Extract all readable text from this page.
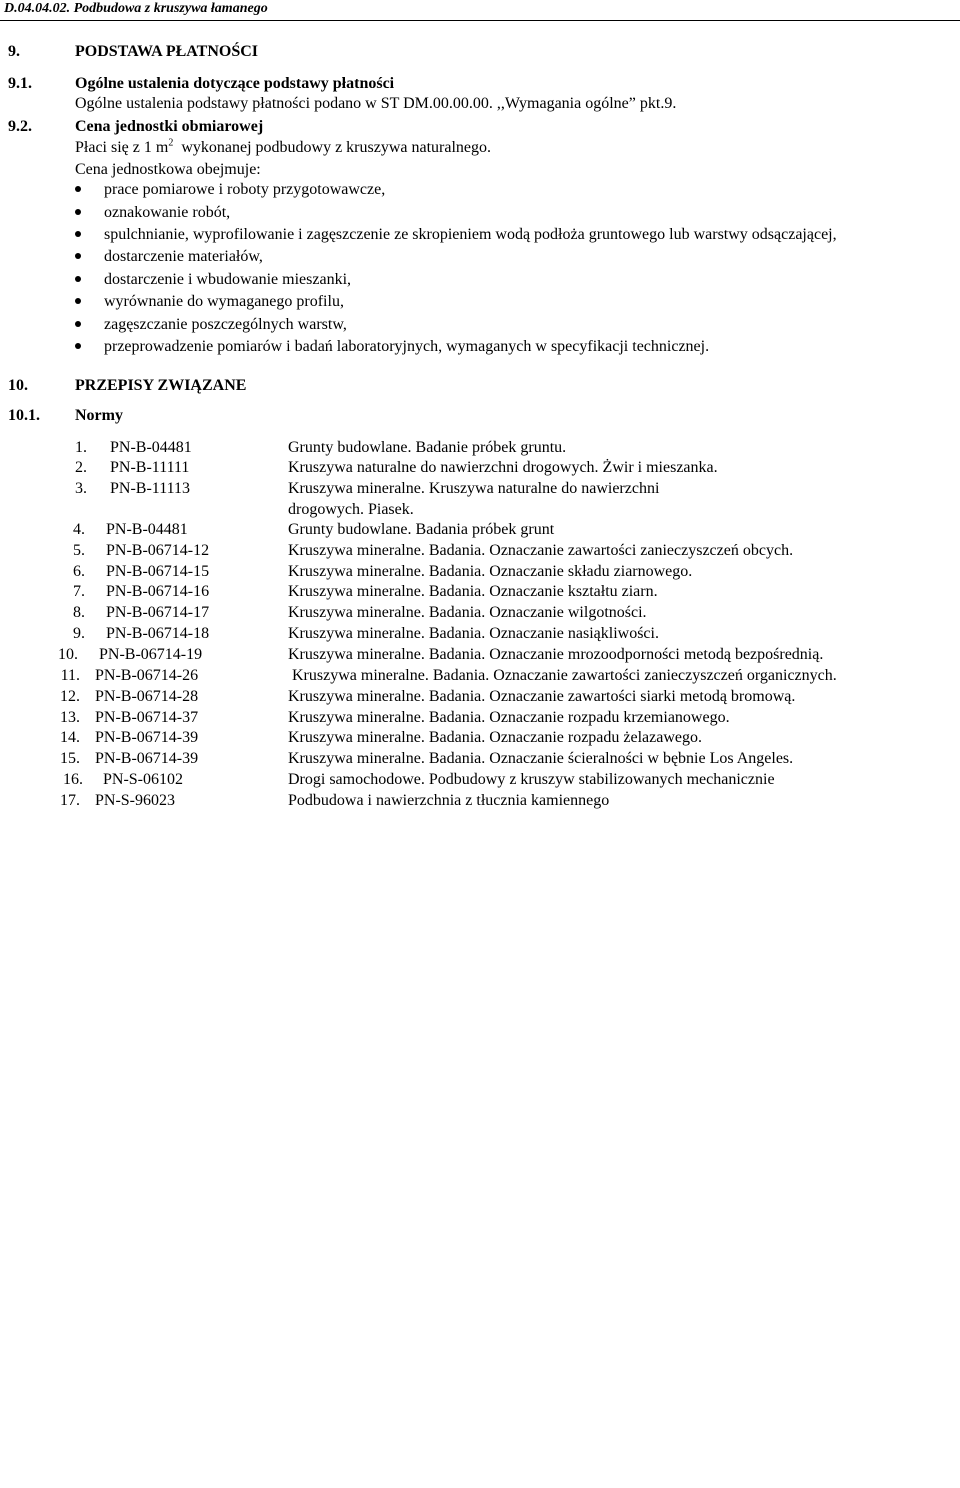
D.04.04.02. Podbudowa z kruszywa łamanego
9.	PODSTAWA PŁATNOŚCI
9.1.	Ogólne ustalenia dotyczące podstawy płatności
Ogólne ustalenia podstawy płatności podano w ST DM.00.00.00. ,,Wymagania ogólne” pkt.9.
9.2.	Cena jednostki obmiarowej
Płaci się z 1 $m^2$ wykonanej podbudowy z kruszywa naturalnego.
Cena jednostkowa obejmuje:
prace pomiarowe i roboty przygotowawcze,
oznakowanie robót,
spulchnianie, wyprofilowanie i zagęszczenie ze skropieniem wodą podłoża gruntowego lub warstwy odsączającej,
dostarczenie materiałów,
dostarczenie i wbudowanie mieszanki,
wyrównanie do wymaganego profilu,
zagęszczanie poszczególnych warstw,
przeprowadzenie pomiarów i badań laboratoryjnych, wymaganych w specyfikacji technicznej.
10.	PRZEPISY ZWIĄZANE
10.1. Normy
1. PN-B-04481	Grunty budowlane. Badanie próbek gruntu.
2. PN-B-11111	Kruszywa naturalne do nawierzchni drogowych. Żwir i mieszanka.
3. PN-B-11113	Kruszywa mineralne. Kruszywa naturalne do nawierzchni
drogowych. Piasek.
4. PN-B-04481	Grunty budowlane. Badania próbek grunt
5. PN-B-06714-12	Kruszywa mineralne. Badania. Oznaczanie zawartości zanieczyszczeń obcych.
6. PN-B-06714-15	Kruszywa mineralne. Badania. Oznaczanie składu ziarnowego.
7. PN-B-06714-16	Kruszywa mineralne. Badania. Oznaczanie kształtu ziarn.
8. PN-B-06714-17	Kruszywa mineralne. Badania. Oznaczanie wilgotności.
9. PN-B-06714-18	Kruszywa mineralne. Badania. Oznaczanie nasiąkliwości.
10. PN-B-06714-19	Kruszywa mineralne. Badania. Oznaczanie mrozoodporności metodą bezpośrednią.
11. PN-B-06714-26	Kruszywa mineralne. Badania. Oznaczanie zawartości zanieczyszczeń organicznych.
12. PN-B-06714-28	Kruszywa mineralne. Badania. Oznaczanie zawartości siarki metodą bromową.
13. PN-B-06714-37	Kruszywa mineralne. Badania. Oznaczanie rozpadu krzemianowego.
14. PN-B-06714-39	Kruszywa mineralne. Badania. Oznaczanie rozpadu żelazawego.
15. PN-B-06714-39	Kruszywa mineralne. Badania. Oznaczanie ścieralności w bębnie Los Angeles.
16. PN-S-06102	Drogi samochodowe. Podbudowy z kruszyw stabilizowanych mechanicznie
17. PN-S-96023	Podbudowa i nawierzchnia z tłucznia kamiennego
